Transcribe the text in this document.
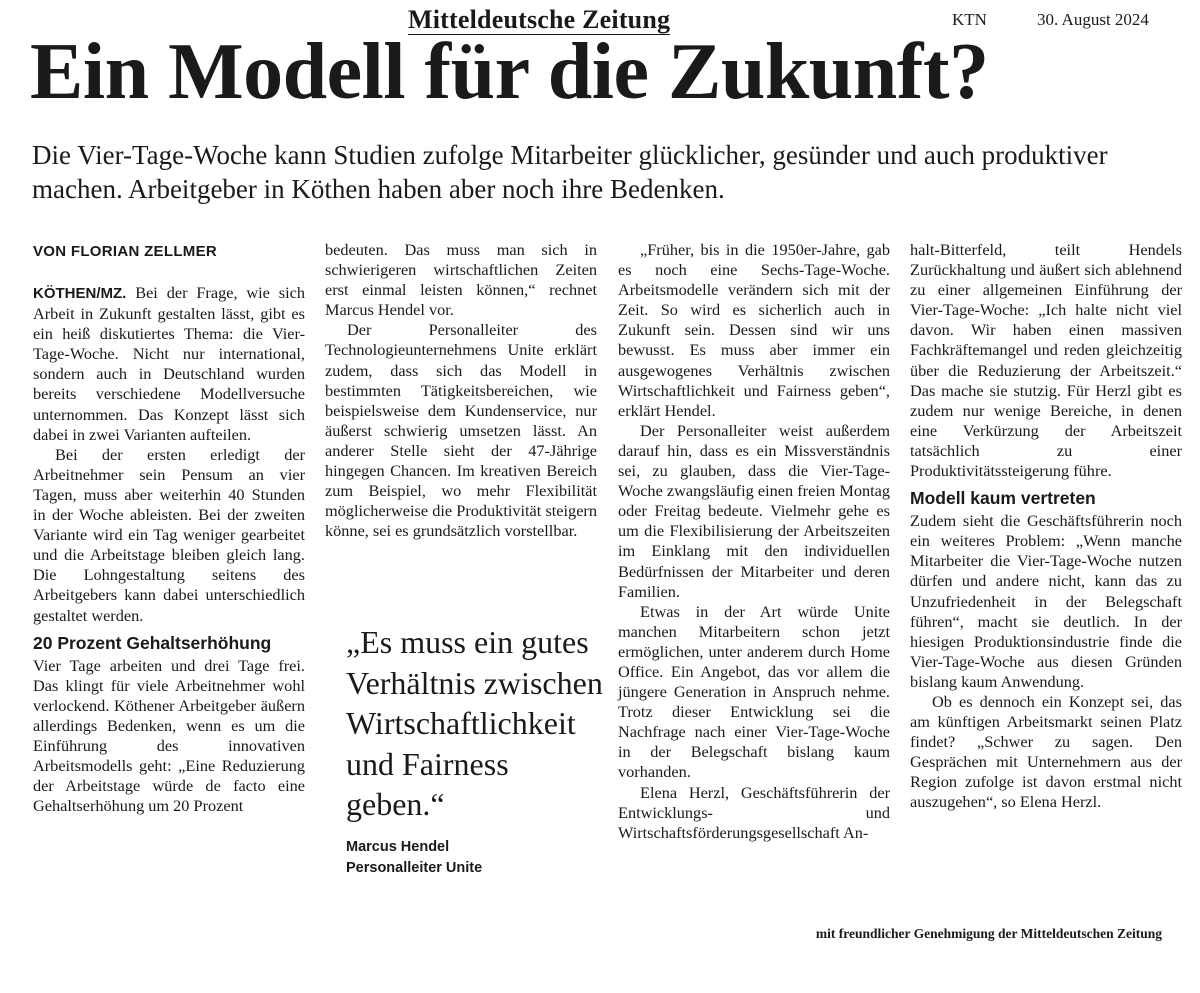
Mitteldeutsche Zeitung	KTN	30. August 2024
Ein Modell für die Zukunft?

Die Vier-Tage-Woche kann Studien zufolge Mitarbeiter glücklicher, gesünder und auch produktiver machen. Arbeitgeber in Köthen haben aber noch ihre Bedenken.

VON FLORIAN ZELLMER

KÖTHEN/MZ. Bei der Frage, wie sich Arbeit in Zukunft gestalten lässt, gibt es ein heiß diskutiertes Thema: die Vier-Tage-Woche. Nicht nur international, sondern auch in Deutschland wurden bereits verschiedene Modellversuche unternommen. Das Konzept lässt sich dabei in zwei Varianten aufteilen.

Bei der ersten erledigt der Arbeitnehmer sein Pensum an vier Tagen, muss aber weiterhin 40 Stunden in der Woche ableisten. Bei der zweiten Variante wird ein Tag weniger gearbeitet und die Arbeitstage bleiben gleich lang. Die Lohngestaltung seitens des Arbeitgebers kann dabei unterschiedlich gestaltet werden.

20 Prozent Gehaltserhöhung

Vier Tage arbeiten und drei Tage frei. Das klingt für viele Arbeitnehmer wohl verlockend. Köthener Arbeitgeber äußern allerdings Bedenken, wenn es um die Einführung des innovativen Arbeitsmodells geht: „Eine Reduzierung der Arbeitstage würde de facto eine Gehaltserhöhung um 20 Prozent

bedeuten. Das muss man sich in schwierigeren wirtschaftlichen Zeiten erst einmal leisten können,“ rechnet Marcus Hendel vor.

Der Personalleiter des Technologieunternehmens Unite erklärt zudem, dass sich das Modell in bestimmten Tätigkeitsbereichen, wie beispielsweise dem Kundenservice, nur äußerst schwierig umsetzen lässt. An anderer Stelle sieht der 47-Jährige hingegen Chancen. Im kreativen Bereich zum Beispiel, wo mehr Flexibilität möglicherweise die Produktivität steigern könne, sei es grundsätzlich vorstellbar.

„Es muss ein gutes Verhältnis zwischen Wirtschaftlichkeit und Fairness geben.“

Marcus Hendel
Personalleiter Unite

„Früher, bis in die 1950er-Jahre, gab es noch eine Sechs-Tage-Woche. Arbeitsmodelle verändern sich mit der Zeit. So wird es sicherlich auch in Zukunft sein. Dessen sind wir uns bewusst. Es muss aber immer ein ausgewogenes Verhältnis zwischen Wirtschaftlichkeit und Fairness geben“, erklärt Hendel.

Der Personalleiter weist außerdem darauf hin, dass es ein Missverständnis sei, zu glauben, dass die Vier-Tage-Woche zwangsläufig einen freien Montag oder Freitag bedeute. Vielmehr gehe es um die Flexibilisierung der Arbeitszeiten im Einklang mit den individuellen Bedürfnissen der Mitarbeiter und deren Familien.

Etwas in der Art würde Unite manchen Mitarbeitern schon jetzt ermöglichen, unter anderem durch Home Office. Ein Angebot, das vor allem die jüngere Generation in Anspruch nehme. Trotz dieser Entwicklung sei die Nachfrage nach einer Vier-Tage-Woche in der Belegschaft bislang kaum vorhanden.

Elena Herzl, Geschäftsführerin der Entwicklungs- und Wirtschaftsförderungsgesellschaft An-

halt-Bitterfeld, teilt Hendels Zurückhaltung und äußert sich ablehnend zu einer allgemeinen Einführung der Vier-Tage-Woche: „Ich halte nicht viel davon. Wir haben einen massiven Fachkräftemangel und reden gleichzeitig über die Reduzierung der Arbeitszeit.“ Das mache sie stutzig. Für Herzl gibt es zudem nur wenige Bereiche, in denen eine Verkürzung der Arbeitszeit tatsächlich zu einer Produktivitätssteigerung führe.

Modell kaum vertreten

Zudem sieht die Geschäftsführerin noch ein weiteres Problem: „Wenn manche Mitarbeiter die Vier-Tage-Woche nutzen dürfen und andere nicht, kann das zu Unzufriedenheit in der Belegschaft führen“, macht sie deutlich. In der hiesigen Produktionsindustrie finde die Vier-Tage-Woche aus diesen Gründen bislang kaum Anwendung.

Ob es dennoch ein Konzept sei, das am künftigen Arbeitsmarkt seinen Platz findet? „Schwer zu sagen. Den Gesprächen mit Unternehmern aus der Region zufolge ist davon erstmal nicht auszugehen“, so Elena Herzl.

mit freundlicher Genehmigung der Mitteldeutschen Zeitung
